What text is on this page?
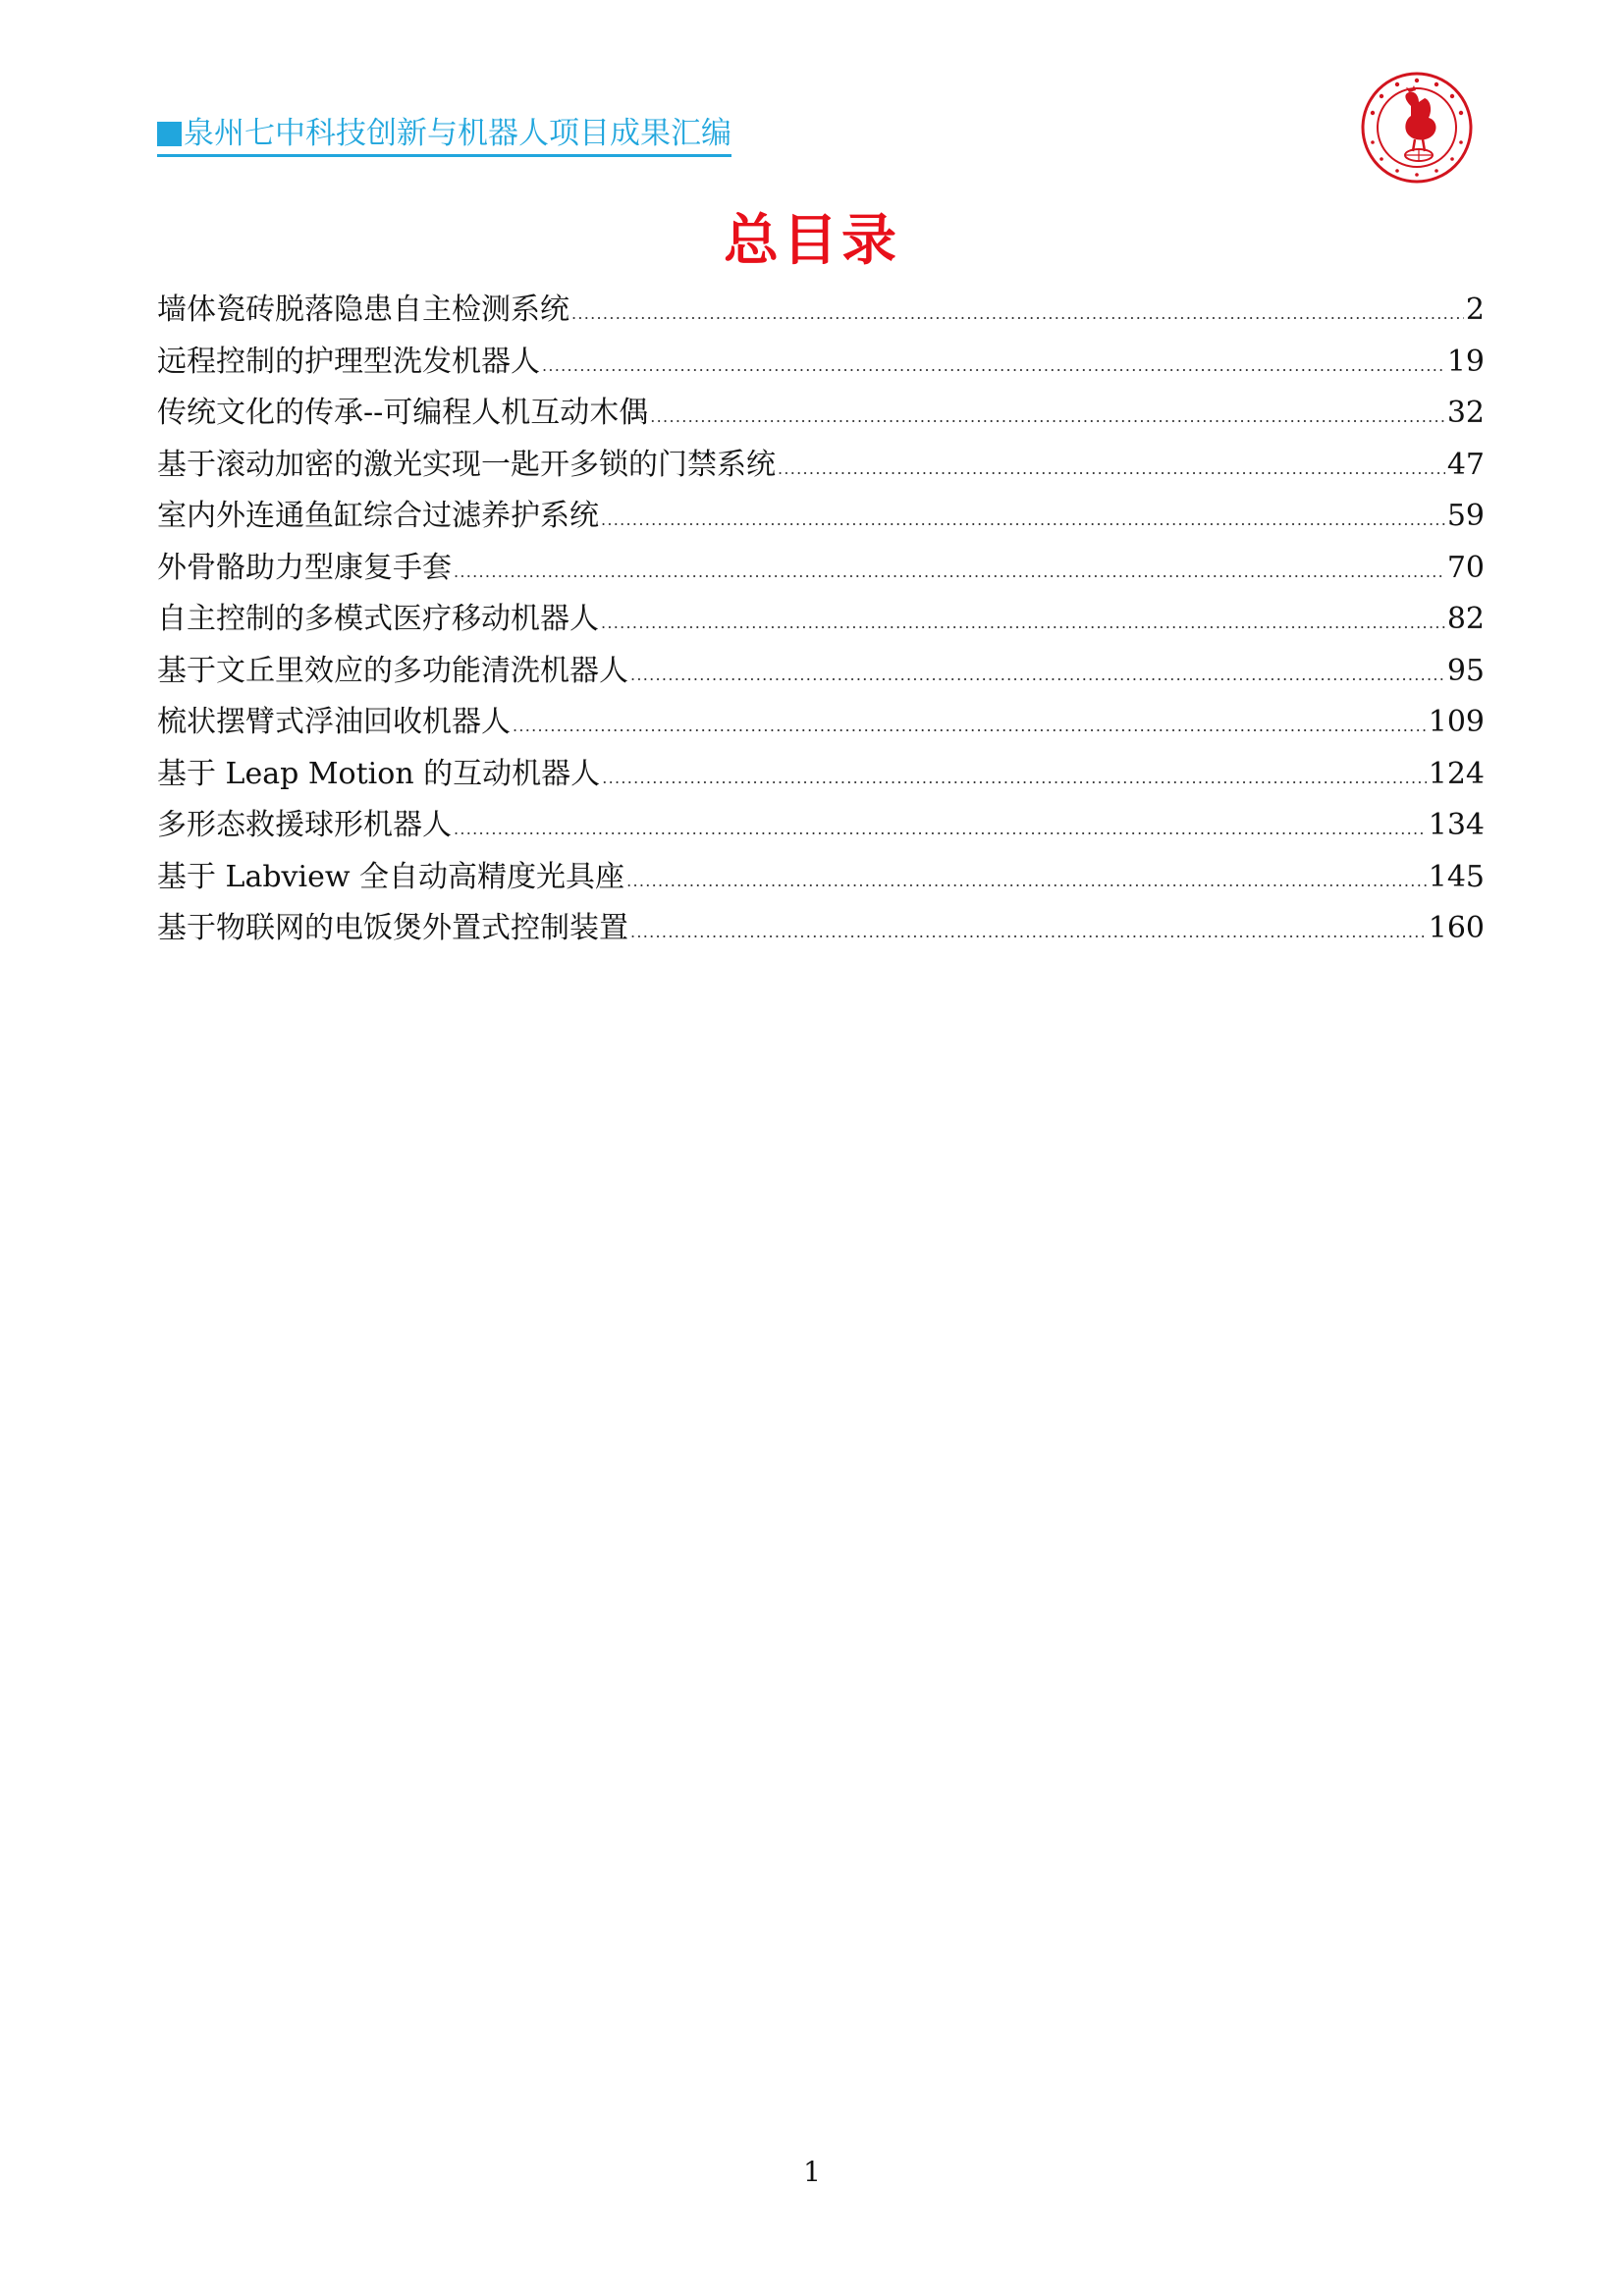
泉州七中科技创新与机器人项目成果汇编
总目录
墙体瓷砖脱落隐患自主检测系统 .....	2
远程控制的护理型洗发机器人 .....	19
传统文化的传承--可编程人机互动木偶 .....	32
基于滚动加密的激光实现一匙开多锁的门禁系统 .....	47
室内外连通鱼缸综合过滤养护系统 .....	59
外骨骼助力型康复手套 .....	70
自主控制的多模式医疗移动机器人 .....	82
基于文丘里效应的多功能清洗机器人 .....	95
梳状摆臂式浮油回收机器人 .....	109
基于 Leap Motion 的互动机器人 .....	124
多形态救援球形机器人 .....	134
基于 Labview 全自动高精度光具座 .....	145
基于物联网的电饭煲外置式控制装置 .....	160
1
